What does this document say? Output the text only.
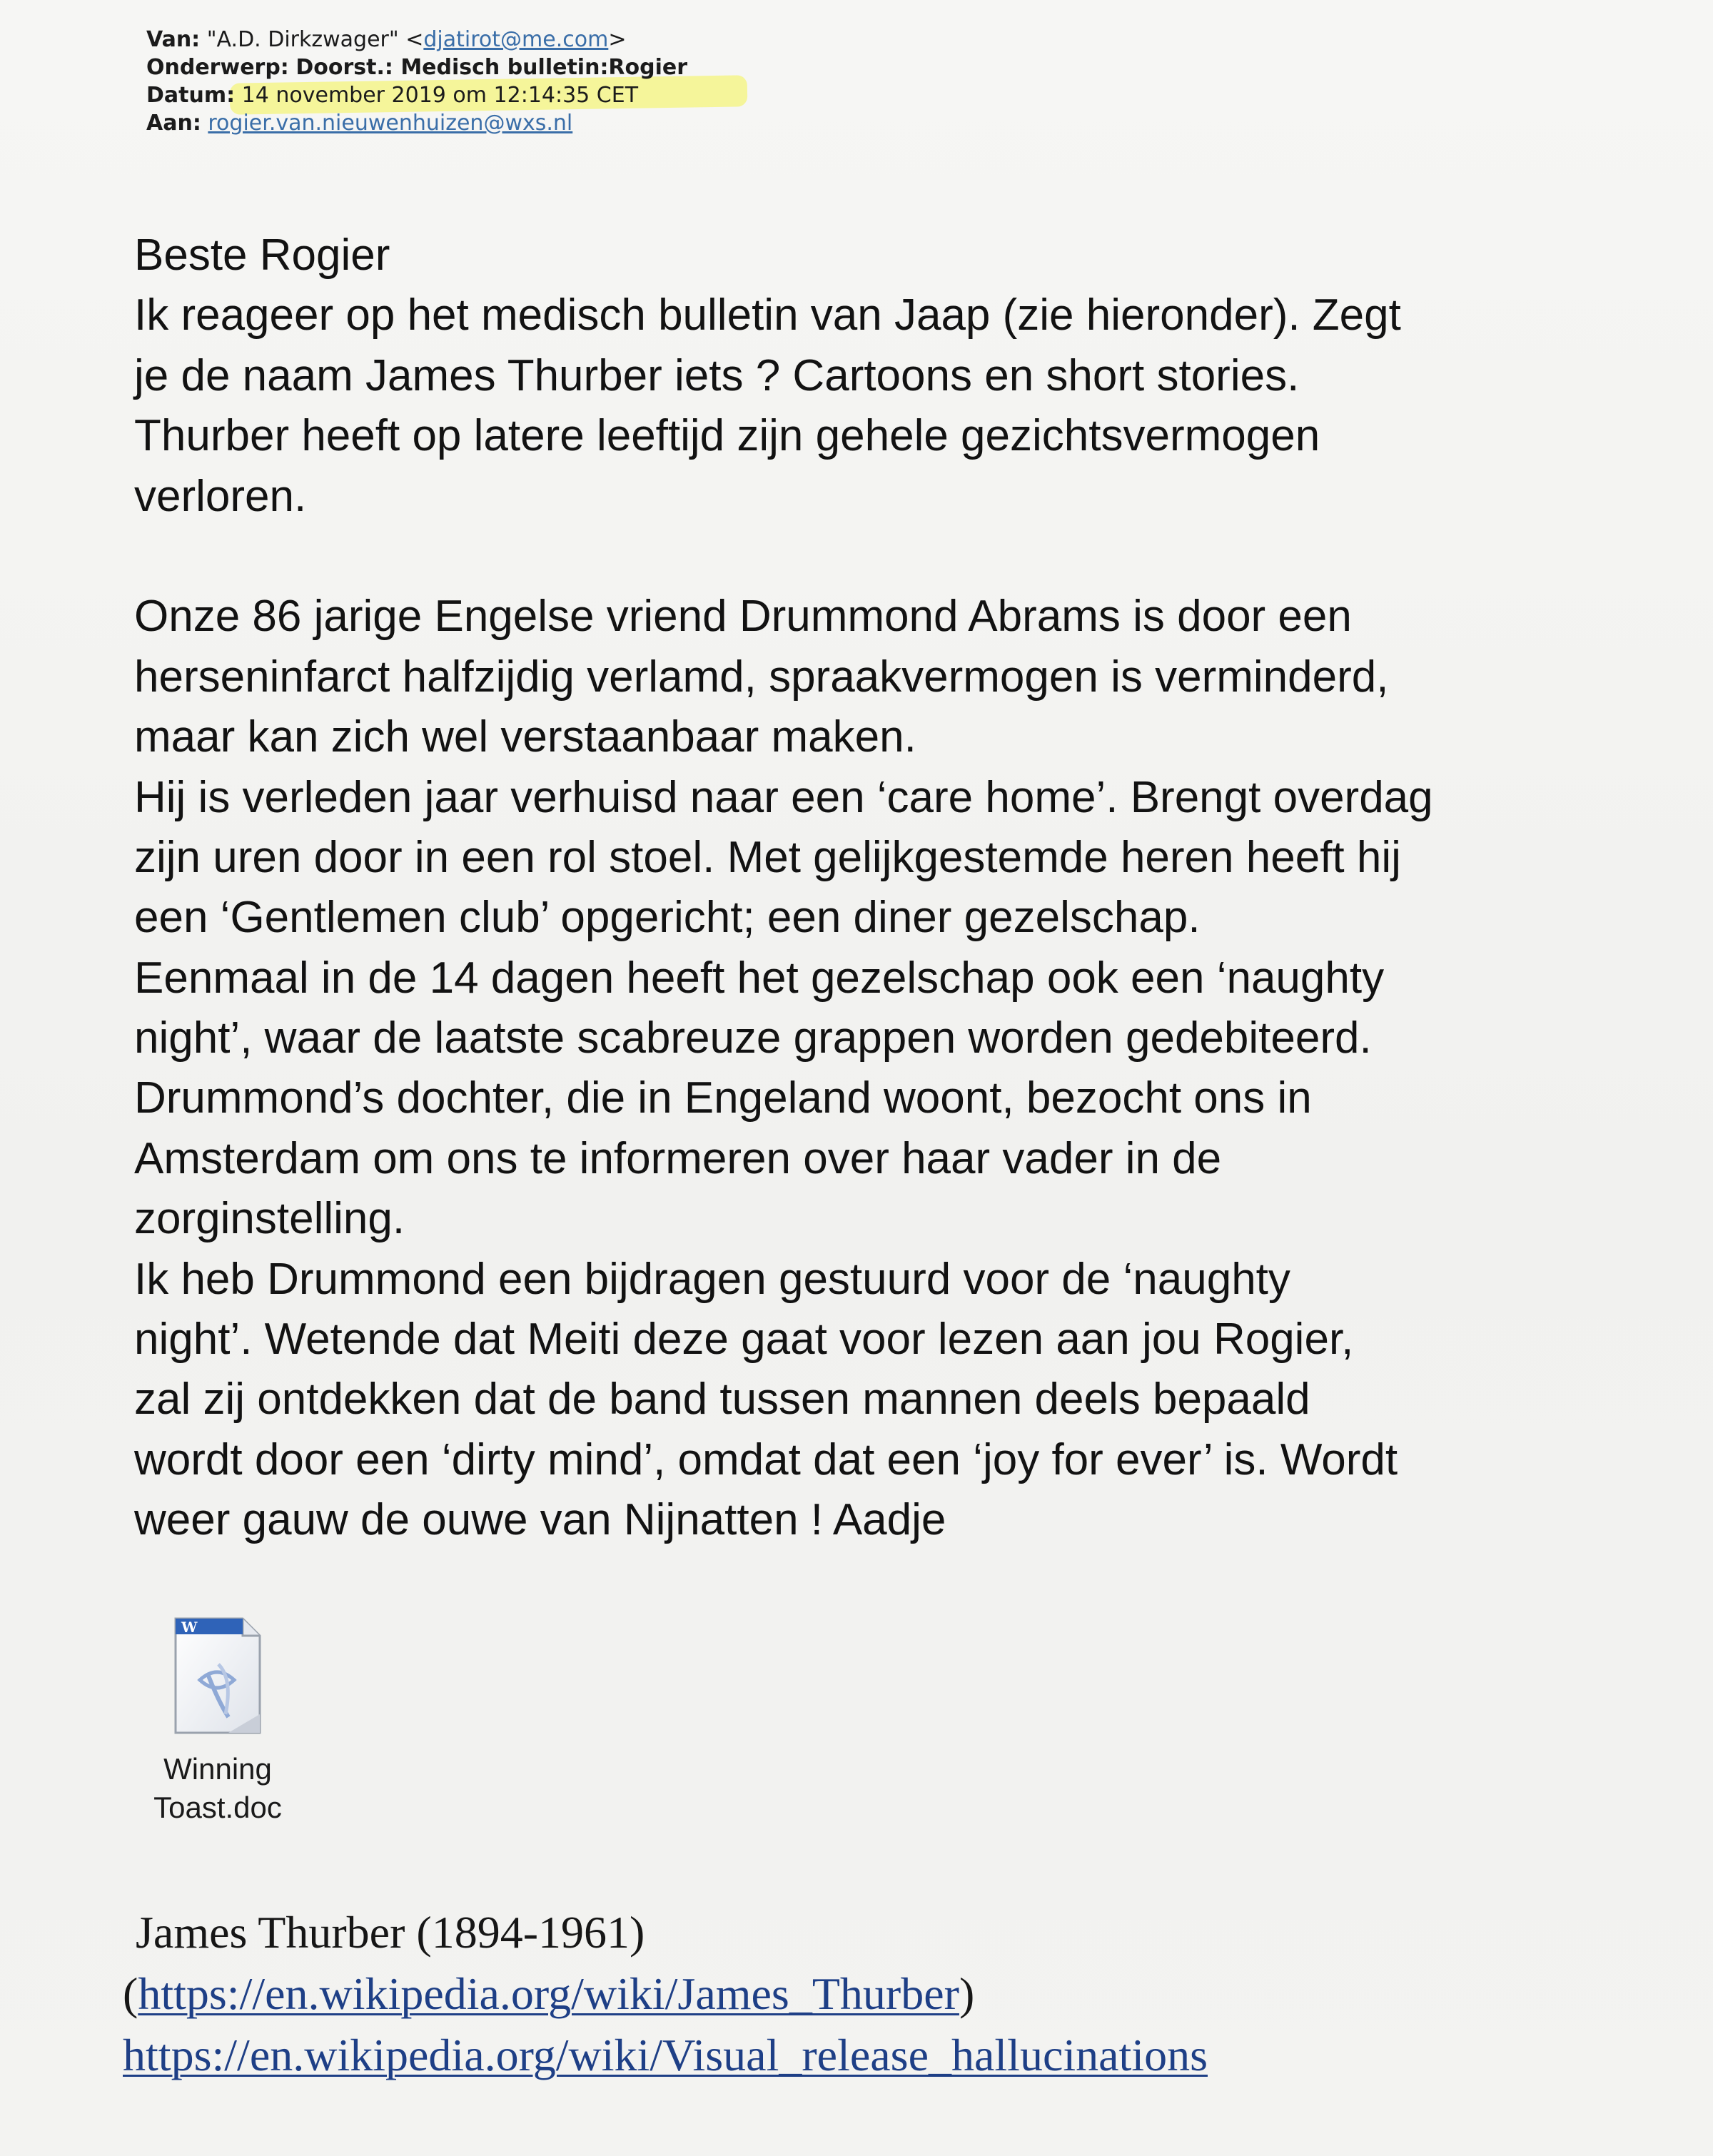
Van: "A.D. Dirkzwager" <djatirot@me.com>
Onderwerp: Doorst.: Medisch bulletin:Rogier
Datum: 14 november 2019 om 12:14:35 CET
Aan: rogier.van.nieuwenhuizen@wxs.nl
Beste Rogier
Ik reageer op het medisch bulletin van Jaap (zie hieronder). Zegt
je de naam James Thurber iets ? Cartoons en short stories.
Thurber heeft op latere leeftijd zijn gehele gezichtsvermogen
verloren.
Onze 86 jarige Engelse vriend Drummond Abrams is door een
herseninfarct halfzijdig verlamd, spraakvermogen is verminderd,
maar kan zich wel verstaanbaar maken.
Hij is verleden jaar verhuisd naar een ‘care home’. Brengt overdag
zijn uren door in een rol stoel. Met gelijkgestemde heren heeft hij
een ‘Gentlemen club’ opgericht; een diner gezelschap.
Eenmaal in de 14 dagen heeft het gezelschap ook een ‘naughty
night’, waar de laatste scabreuze grappen worden gedebiteerd.
Drummond’s dochter, die in Engeland woont, bezocht ons in
Amsterdam om ons te informeren over haar vader in de
zorginstelling.
Ik heb Drummond een bijdragen gestuurd voor de ‘naughty
night’. Wetende dat Meiti deze gaat voor lezen aan jou Rogier,
zal zij ontdekken dat de band tussen mannen deels bepaald
wordt door een ‘dirty mind’, omdat dat een ‘joy for ever’ is. Wordt
weer gauw de ouwe van Nijnatten ! Aadje
W
Winning
Toast.doc
James Thurber (1894-1961)
(https://en.wikipedia.org/wiki/James_Thurber)
https://en.wikipedia.org/wiki/Visual_release_hallucinations
